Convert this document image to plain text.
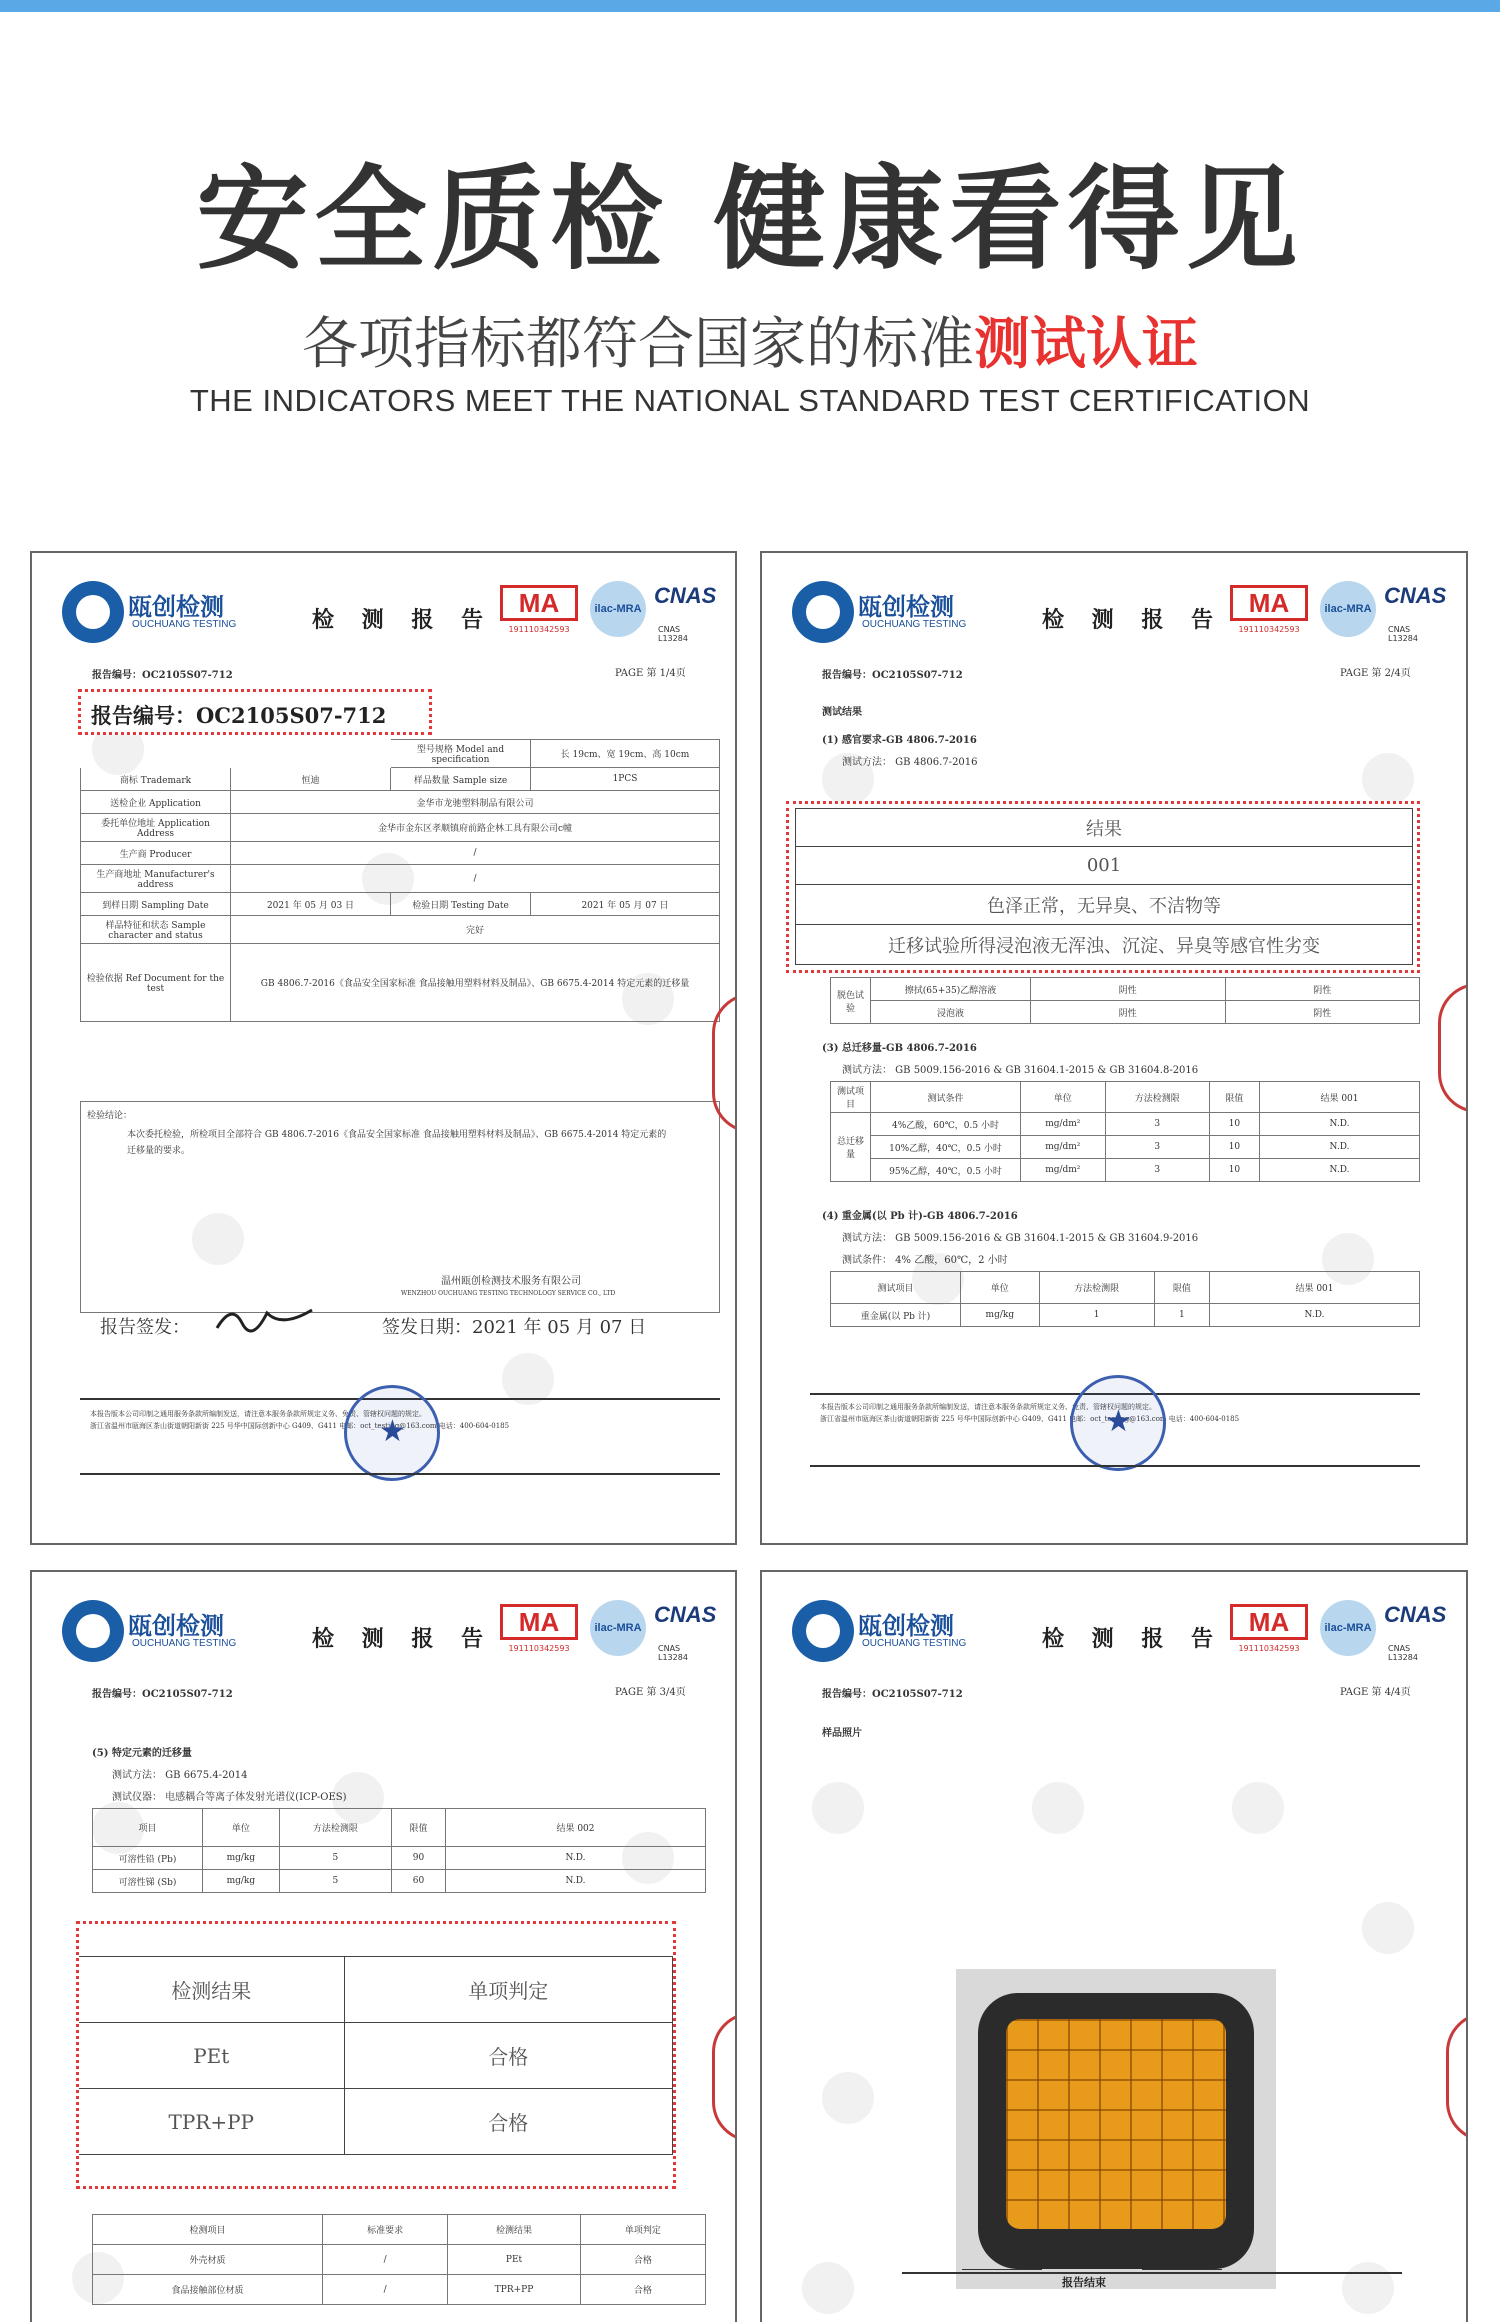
安全质检 健康看得见
各项指标都符合国家的标准测试认证
THE INDICATORS MEET THE NATIONAL STANDARD TEST CERTIFICATION
瓯创检测
OUCHUANG TESTING	检 测 报 告
MA
191110342593
ilac-MRA
CNAS
CNAS L13284
报告编号：OC2105S07-712	PAGE 第 1/4页
报告编号：OC2105S07-712
		型号规格 Model and specification	长 19cm、宽 19cm、高 10cm
商标 Trademark	恒迪	样品数量 Sample size	1PCS
送检企业 Application	金华市龙驰塑料制品有限公司		
委托单位地址 Application Address	金华市金东区孝顺镇府前路企林工具有限公司c幢		
生产商 Producer	/		
生产商地址 Manufacturer's address	/		
到样日期 Sampling Date	2021 年 05 月 03 日	检验日期 Testing Date	2021 年 05 月 07 日
样品特征和状态 Sample character and status	完好		
检验依据 Ref Document for the test	GB 4806.7-2016《食品安全国家标准 食品接触用塑料材料及制品》、GB 6675.4-2014 特定元素的迁移量		
检验结论：
本次委托检验，所检项目全部符合 GB 4806.7-2016《食品安全国家标准 食品接触用塑料材料及制品》、GB 6675.4-2014 特定元素的迁移量的要求。
温州瓯创检测技术服务有限公司
WENZHOU OUCHUANG TESTING TECHNOLOGY SERVICE CO., LTD
报告签发：	签发日期：2021 年 05 月 07 日
本报告版本公司印制之通用服务条款所编制发送，请注意本服务条款所规定义务、免责、管辖权问题的规定。
浙江省温州市瓯海区茶山街道朝阳新街 225 号华中国际创新中心 G409、G411 电邮：oct_testing@163.com 电话：400-604-0185
★
瓯创检测
OUCHUANG TESTING	检 测 报 告
MA
191110342593
ilac-MRA
CNAS
CNAS L13284
报告编号：OC2105S07-712	PAGE 第 2/4页
测试结果
(1) 感官要求-GB 4806.7-2016
测试方法： GB 4806.7-2016
结果
001
色泽正常，无异臭、不洁物等
迁移试验所得浸泡液无浑浊、沉淀、异臭等感官性劣变
脱色试验	擦拭(65+35)乙醇溶液	阴性	阴性
	浸泡液	阴性	阴性
(3) 总迁移量-GB 4806.7-2016
测试方法： GB 5009.156-2016 & GB 31604.1-2015 & GB 31604.8-2016
测试项目	测试条件	单位	方法检测限	限值	结果 001
总迁移量	4%乙酸，60℃，0.5 小时	mg/dm²	3	10	N.D.
	10%乙醇，40℃，0.5 小时	mg/dm²	3	10	N.D.
	95%乙醇，40℃，0.5 小时	mg/dm²	3	10	N.D.
(4) 重金属(以 Pb 计)-GB 4806.7-2016
测试方法： GB 5009.156-2016 & GB 31604.1-2015 & GB 31604.9-2016
测试条件： 4% 乙酸，60℃，2 小时
测试项目	单位	方法检测限	限值	结果 001
重金属(以 Pb 计)	mg/kg	1	1	N.D.
本报告版本公司印制之通用服务条款所编制发送，请注意本服务条款所规定义务、免责、管辖权问题的规定。
浙江省温州市瓯海区茶山街道朝阳新街 225 号华中国际创新中心 G409、G411 电邮：oct_testing@163.com 电话：400-604-0185
★
瓯创检测
OUCHUANG TESTING	检 测 报 告
MA
191110342593
ilac-MRA
CNAS
CNAS L13284
报告编号：OC2105S07-712	PAGE 第 3/4页
(5) 特定元素的迁移量
测试方法： GB 6675.4-2014
测试仪器： 电感耦合等离子体发射光谱仪(ICP-OES)
项目	单位	方法检测限	限值	结果 002
可溶性铅 (Pb)	mg/kg	5	90	N.D.
可溶性锑 (Sb)	mg/kg	5	60	N.D.
检测结果	单项判定
PEt	合格
TPR+PP	合格
检测项目	标准要求	检测结果	单项判定
外壳材质	/	PEt	合格
食品接触部位材质	/	TPR+PP	合格
瓯创检测
OUCHUANG TESTING	检 测 报 告
MA
191110342593
ilac-MRA
CNAS
CNAS L13284
报告编号：OC2105S07-712	PAGE 第 4/4页
样品照片
报告结束
